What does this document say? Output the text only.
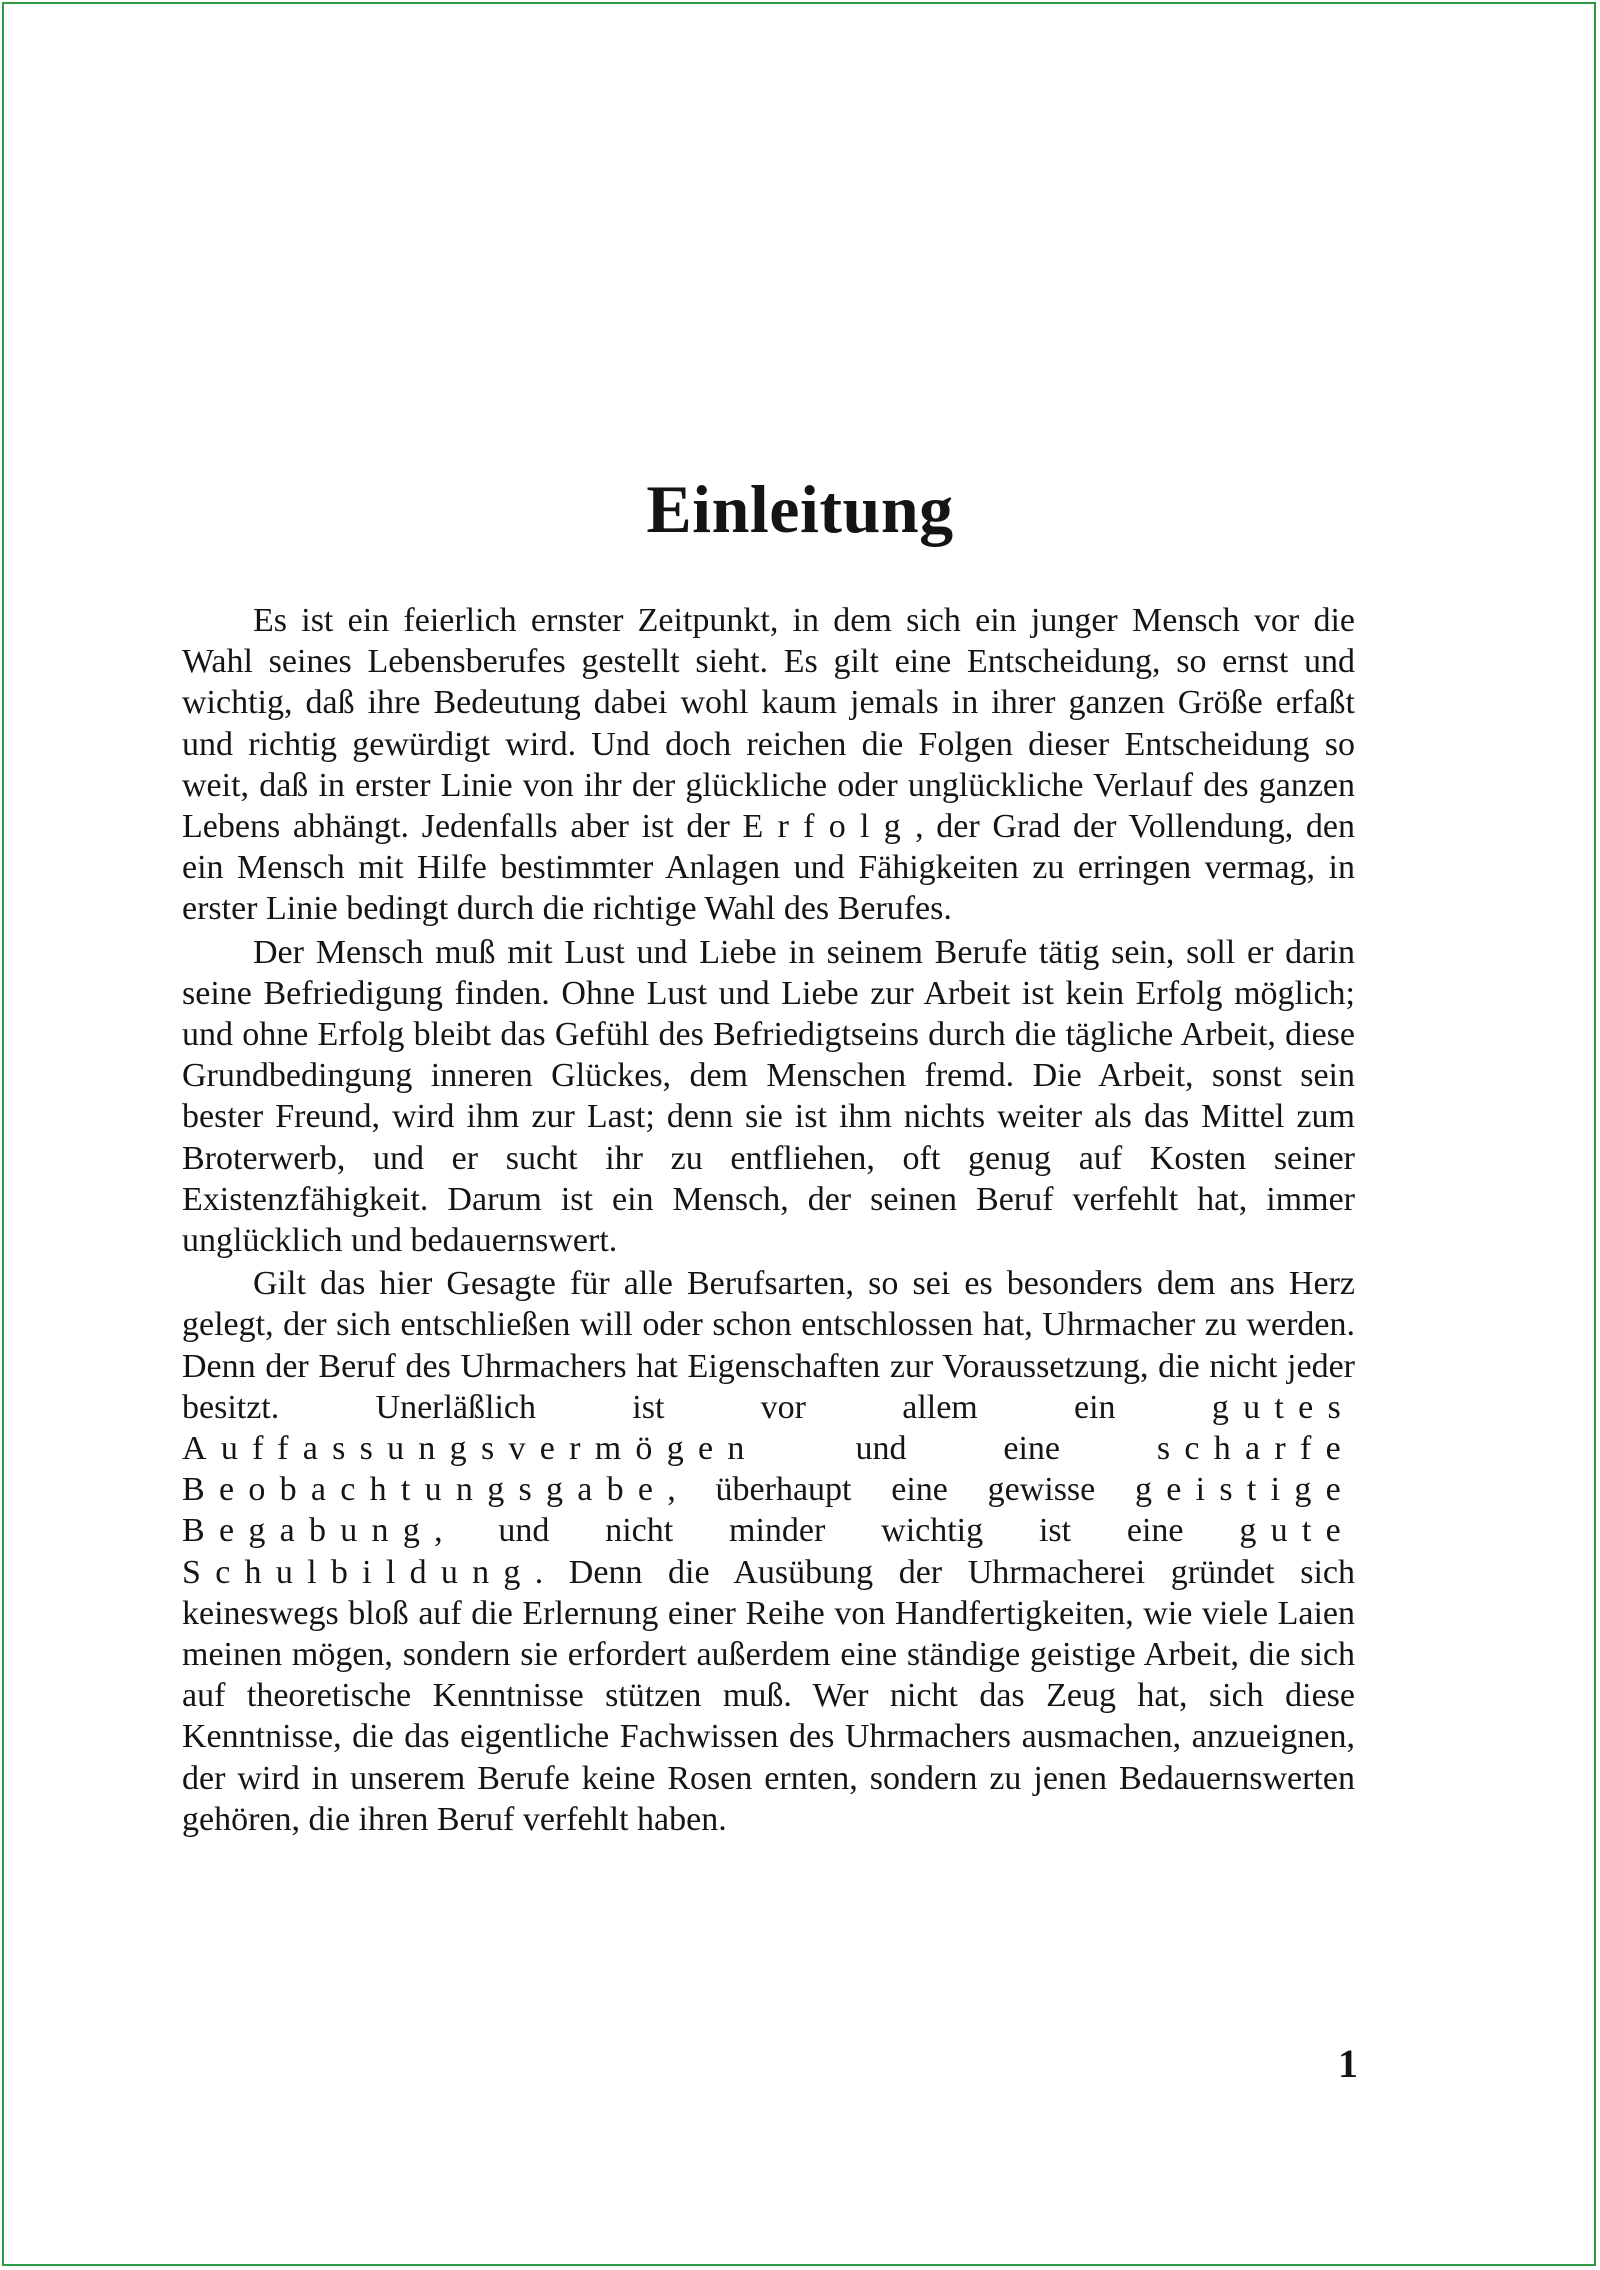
Einleitung

Es ist ein feierlich ernster Zeitpunkt, in dem sich ein junger Mensch vor die Wahl seines Lebensberufes gestellt sieht. Es gilt eine Entscheidung, so ernst und wichtig, daß ihre Bedeutung dabei wohl kaum jemals in ihrer ganzen Größe erfaßt und richtig gewürdigt wird. Und doch reichen die Folgen dieser Entscheidung so weit, daß in erster Linie von ihr der glückliche oder unglückliche Verlauf des ganzen Lebens abhängt. Jedenfalls aber ist der Erfolg, der Grad der Vollendung, den ein Mensch mit Hilfe bestimmter Anlagen und Fähigkeiten zu erringen vermag, in erster Linie bedingt durch die richtige Wahl des Berufes.

Der Mensch muß mit Lust und Liebe in seinem Berufe tätig sein, soll er darin seine Befriedigung finden. Ohne Lust und Liebe zur Arbeit ist kein Erfolg möglich; und ohne Erfolg bleibt das Gefühl des Befriedigtseins durch die tägliche Arbeit, diese Grundbedingung inneren Glückes, dem Menschen fremd. Die Arbeit, sonst sein bester Freund, wird ihm zur Last; denn sie ist ihm nichts weiter als das Mittel zum Broterwerb, und er sucht ihr zu entfliehen, oft genug auf Kosten seiner Existenzfähigkeit. Darum ist ein Mensch, der seinen Beruf verfehlt hat, immer unglücklich und bedauernswert.

Gilt das hier Gesagte für alle Berufsarten, so sei es besonders dem ans Herz gelegt, der sich entschließen will oder schon entschlossen hat, Uhrmacher zu werden. Denn der Beruf des Uhrmachers hat Eigenschaften zur Voraussetzung, die nicht jeder besitzt. Unerläßlich ist vor allem ein gutes Auffassungsvermögen und eine scharfe Beobachtungsgabe, überhaupt eine gewisse geistige Begabung, und nicht minder wichtig ist eine gute Schulbildung. Denn die Ausübung der Uhrmacherei gründet sich keineswegs bloß auf die Erlernung einer Reihe von Handfertigkeiten, wie viele Laien meinen mögen, sondern sie erfordert außerdem eine ständige geistige Arbeit, die sich auf theoretische Kenntnisse stützen muß. Wer nicht das Zeug hat, sich diese Kenntnisse, die das eigentliche Fachwissen des Uhrmachers ausmachen, anzueignen, der wird in unserem Berufe keine Rosen ernten, sondern zu jenen Bedauernswerten gehören, die ihren Beruf verfehlt haben.

1
